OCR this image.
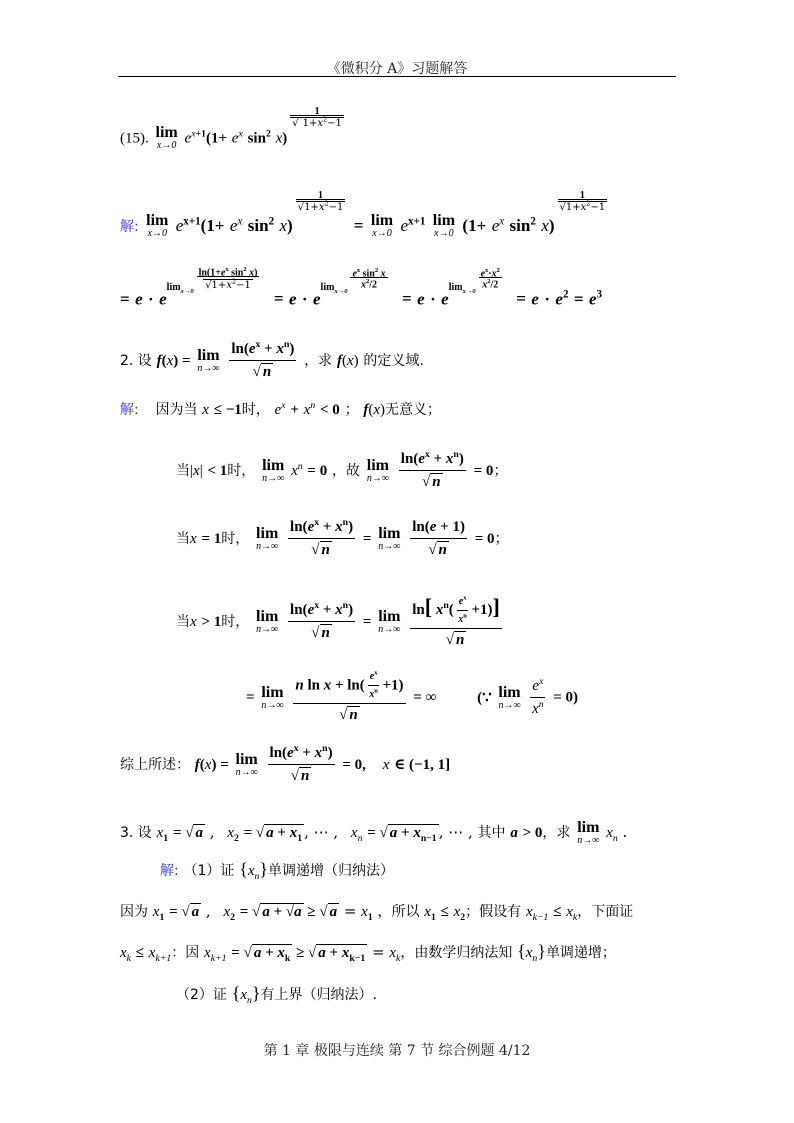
《微积分 A》习题解答
(15). lim
x→0 $e^{x+1}(1+ e^x$ $\sin^2 x$)
$^{\frac{1}{√ 1+x^2-1}}$
解: lim
x→0 $e^{x+1}(1+ e^x$ $\sin^2 x$)
$^{\frac{1}{√1+x^2-1}}$
= lim
x→0 $e^{x+1}$ lim
x→0 ($1+ e^x$ $\sin^2 x$)
$^{\frac{1}{√1+x^2-1}}$
= $e \cdot e^{lim_{x\to 0} \frac{\ln(1+e^x \sin^2 x)}{√1+x^2-1}}$
= $e \cdot e^{lim_{x\to 0} \frac{e^x \sin^2 x}{x^2/2}}$
= $e \cdot e^{lim_{x\to 0} \frac{e^x\cdot x^2}{x^2/2}}$
= $e \cdot e^2 = e^3$
2. 设 f(x) = lim
n→∞
$\frac{\ln(e^x + x^n)}{√ n}$ ，求 f(x) 的定义域.
解: 因为当 x ≤ −1时， $e^x + x^n < 0$ ； f(x)无意义；
当|x| < 1时， lim
n→∞ $x^n = 0$ ，故 lim
n→∞
$\frac{\ln(e^x + x^n)}{√ n} = 0$；
当x = 1时， lim
n→∞
$\frac{\ln(e^x + x^n)}{√ n} = \lim$
n→∞
$\frac{\ln(e + 1)}{√ n} = 0$；
当x > 1时， lim
n→∞
$\frac{\ln(e^x + x^n)}{√ n} = \lim$
n→∞
$\frac{\ln[ x^n( \frac{e^x}{x^n} +1)]}{√ n}$
= lim
n→∞
$\frac{n \ln x + \ln( \frac{e^x}{x^n} +1)}{√ n}$ = ∞	(∵ lim
n→∞
$\frac{e^x}{x^n} = 0$)
综上所述： f(x) = lim
n→∞
$\frac{\ln(e^x + x^n)}{√ n} = 0$, x ∈ (−1, 1]
3. 设 $x_1$ = √ a , $x_2$ = √ $a + x_1$ , ⋯ , $x_n$ = √ $a + x_{n-1}$ , ⋯ , 其中 a > 0，求 lim
n→∞ $x_n$ .
解: （1）证 $\{x_n\}$单调递增（归纳法）
因为 $x_1$ = √ a , $x_2$ = √ a + √a ≥ √ $a = x_1$ ，所以 $x_1 \le x_2$；假设有 $x_{k-1} \le x_k$，下面证
$x_k \le x_{k+1}$：因 $x_{k+1}$ = √ $a + x_k$ ≥ √ $a + x_{k-1} = x_k$，由数学归纳法知 $\{x_n\}$单调递增；
（2）证 $\{x_n\}$有上界（归纳法）.
第 1 章 极限与连续 第 7 节 综合例题 4/12
